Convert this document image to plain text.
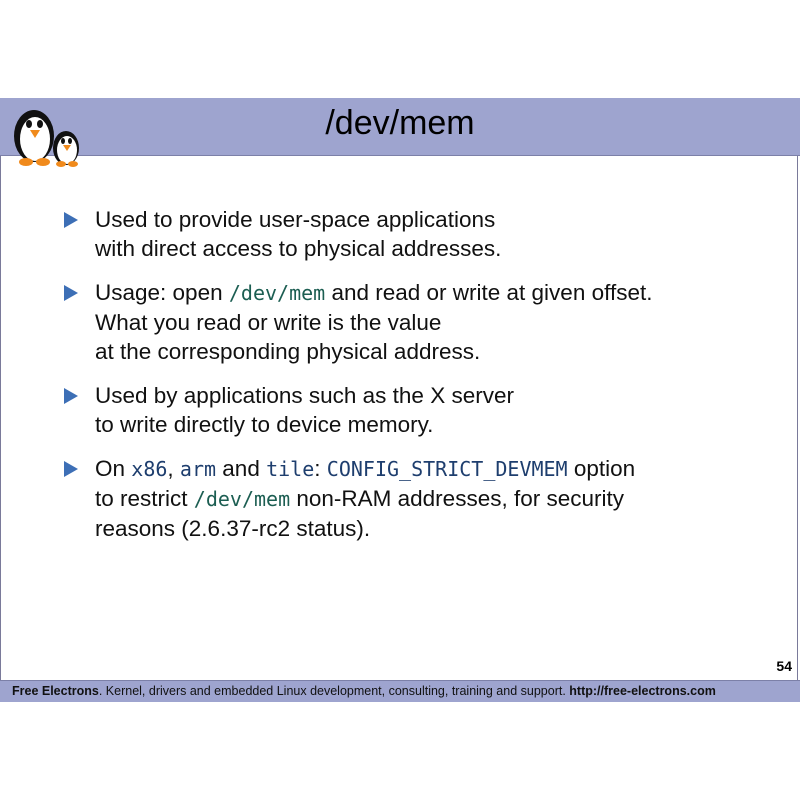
/dev/mem
Used to provide user-space applications
with direct access to physical addresses.
Usage: open /dev/mem and read or write at given offset.
What you read or write is the value
at the corresponding physical address.
Used by applications such as the X server
to write directly to device memory.
On x86, arm and tile: CONFIG_STRICT_DEVMEM option
to restrict /dev/mem non-RAM addresses, for security
reasons (2.6.37-rc2 status).
54
Free Electrons. Kernel, drivers and embedded Linux development, consulting, training and support. http://free-electrons.com
